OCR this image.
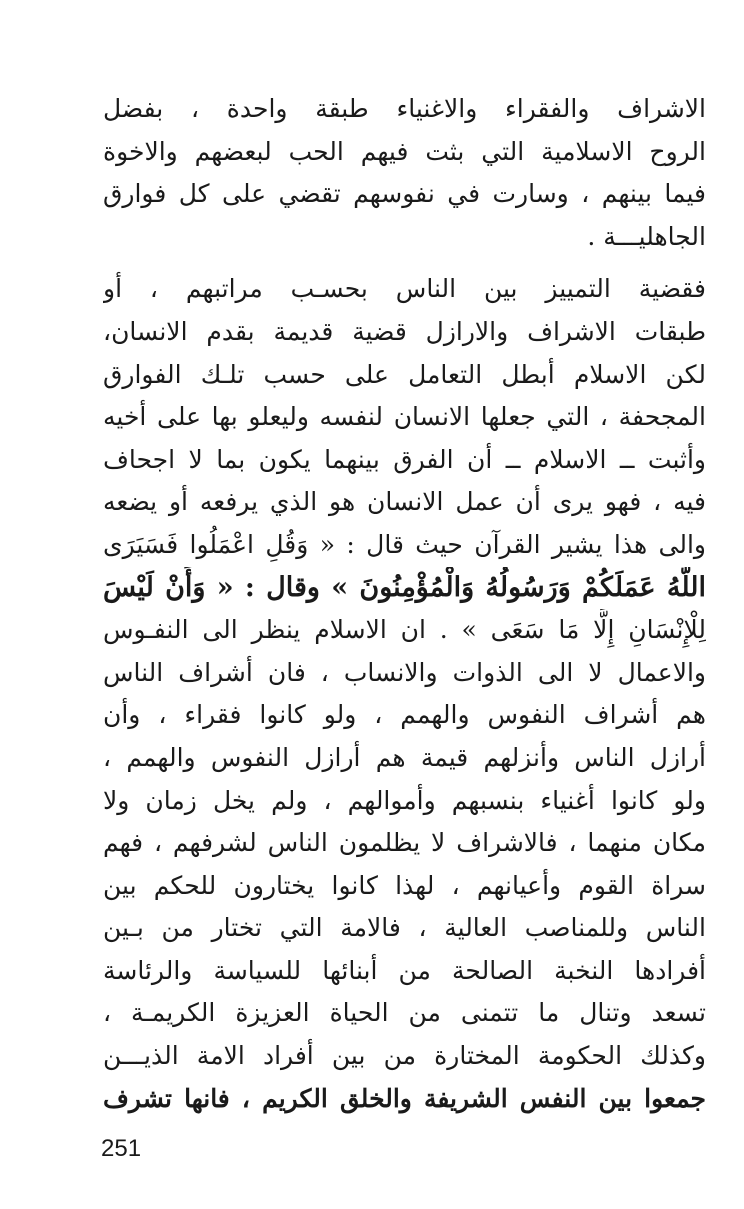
الاشراف والفقراء والاغنياء طبقة واحدة ، بفضل
الروح الاسلامية التي بثت فيهم الحب لبعضهم والاخوة
فيما بينهم ، وسارت في نفوسهم تقضي على كل فوارق
الجاهليـــة .
فقضية التمييز بين الناس بحسـب مراتبهم ، أو
طبقات الاشراف والارازل قضية قديمة بقدم الانسان،
لكن الاسلام أبطل التعامل على حسب تلـك الفوارق
المجحفة ، التي جعلها الانسان لنفسه وليعلو بها على أخيه
وأثبت ــ الاسلام ــ أن الفرق بينهما يكون بما لا اجحاف
فيه ، فهو يرى أن عمل الانسان هو الذي يرفعه أو يضعه
والى هذا يشير القرآن حيث قال : « وَقُلِ اعْمَلُوا فَسَيَرَى
اللَّهُ عَمَلَكُمْ وَرَسُولُهُ وَالْمُؤْمِنُونَ » وقال : « وَأَنْ لَيْسَ
لِلْإِنْسَانِ إِلَّا مَا سَعَى » . ان الاسلام ينظر الى النفـوس
والاعمال لا الى الذوات والانساب ، فان أشراف الناس
هم أشراف النفوس والهمم ، ولو كانوا فقراء ، وأن
أرازل الناس وأنزلهم قيمة هم أرازل النفوس والهمم ،
ولو كانوا أغنياء بنسبهم وأموالهم ، ولم يخل زمان ولا
مكان منهما ، فالاشراف لا يظلمون الناس لشرفهم ، فهم
سراة القوم وأعيانهم ، لهذا كانوا يختارون للحكم بين
الناس وللمناصب العالية ، فالامة التي تختار من بـين
أفرادها النخبة الصالحة من أبنائها للسياسة والرئاسة
تسعد وتنال ما تتمنى من الحياة العزيزة الكريمـة ،
وكذلك الحكومة المختارة من بين أفراد الامة الذيـــن
جمعوا بين النفس الشريفة والخلق الكريم ، فانها تشرف
251
